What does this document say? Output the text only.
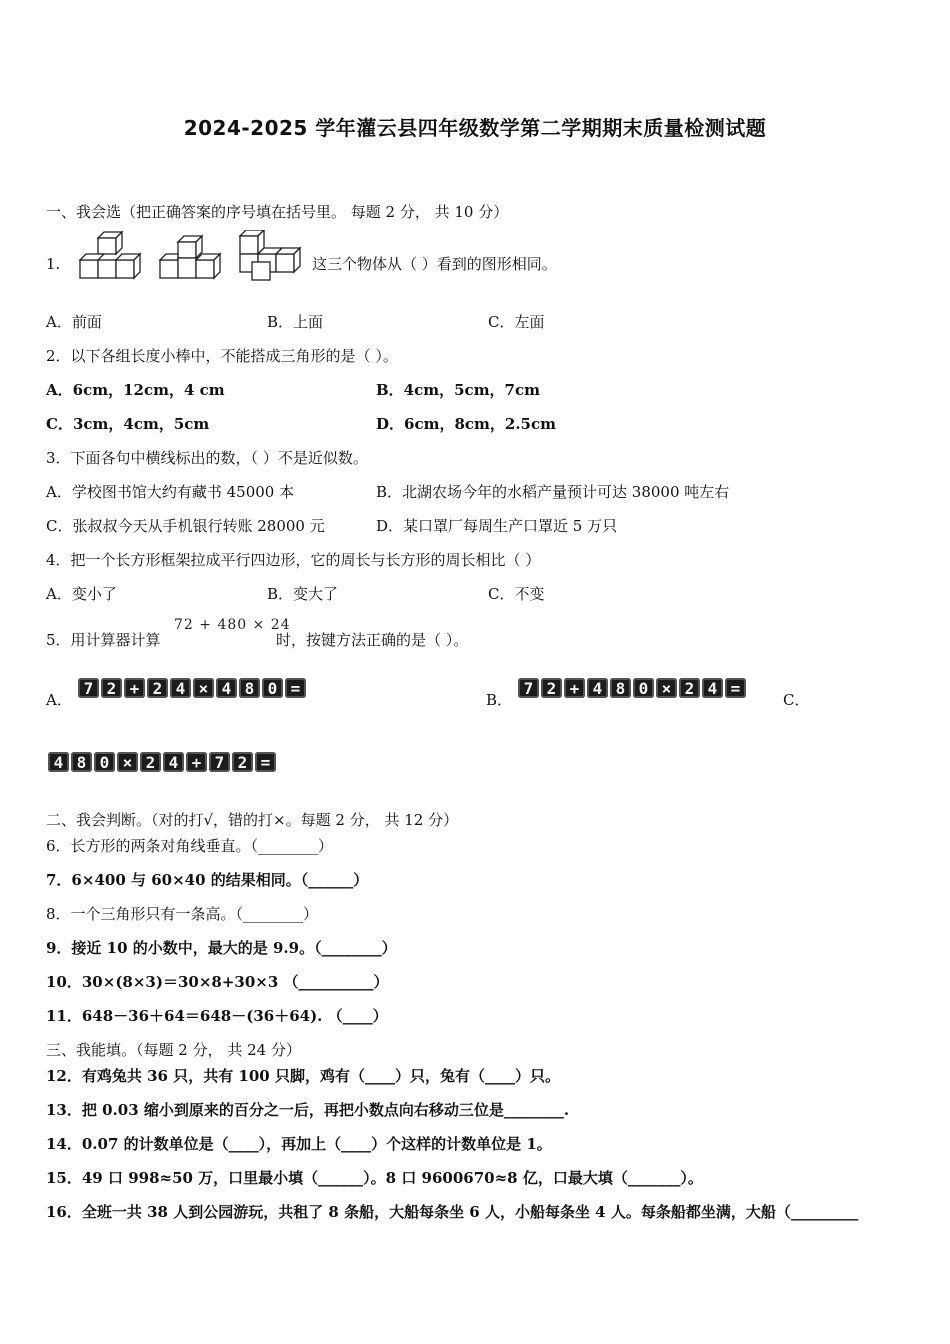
2024-2025 学年灌云县四年级数学第二学期期末质量检测试题
一、我会选（把正确答案的序号填在括号里。 每题 2 分， 共 10 分）
1.	这三个物体从（ ）看到的图形相同。
A．前面	B．上面	C．左面
2．以下各组长度小棒中，不能搭成三角形的是（ ）。
A．6cm，12cm，4 cm	B．4cm，5cm，7cm
C．3cm，4cm，5cm	D．6cm，8cm，2.5cm
3．下面各句中横线标出的数，（ ）不是近似数。
A．学校图书馆大约有藏书 45000 本	B．北湖农场今年的水稻产量预计可达 38000 吨左右
C．张叔叔今天从手机银行转账 28000 元	D．某口罩厂每周生产口罩近 5 万只
4．把一个长方形框架拉成平行四边形，它的周长与长方形的周长相比（ ）
A．变小了	B．变大了	C．不变
5．用计算器计算
72 + 480 × 24
时，按键方法正确的是（ ）。
A．
7 2 + 2 4 × 4 8 0 =
B．
7 2 + 4 8 0 × 2 4 =
C．
4 8 0 × 2 4 + 7 2 =
二、我会判断。（对的打√，错的打×。每题 2 分， 共 12 分）
6．长方形的两条对角线垂直。（________）
7．6×400 与 60×40 的结果相同。（______）
8．一个三角形只有一条高。（________）
9．接近 10 的小数中，最大的是 9.9。（________）
10．30×(8×3)＝30×8+30×3 （__________）
11．648－36＋64＝648－(36＋64). （____）
三、我能填。（每题 2 分， 共 24 分）
12．有鸡兔共 36 只，共有 100 只脚，鸡有（____）只，兔有（____）只。
13．把 0.03 缩小到原来的百分之一后，再把小数点向右移动三位是________.
14．0.07 的计数单位是（____），再加上（____）个这样的计数单位是 1。
15．49 口 998≈50 万，口里最小填（______）。8 口 9600670≈8 亿，口最大填（_______）。
16．全班一共 38 人到公园游玩，共租了 8 条船，大船每条坐 6 人，小船每条坐 4 人。每条船都坐满，大船（_________
